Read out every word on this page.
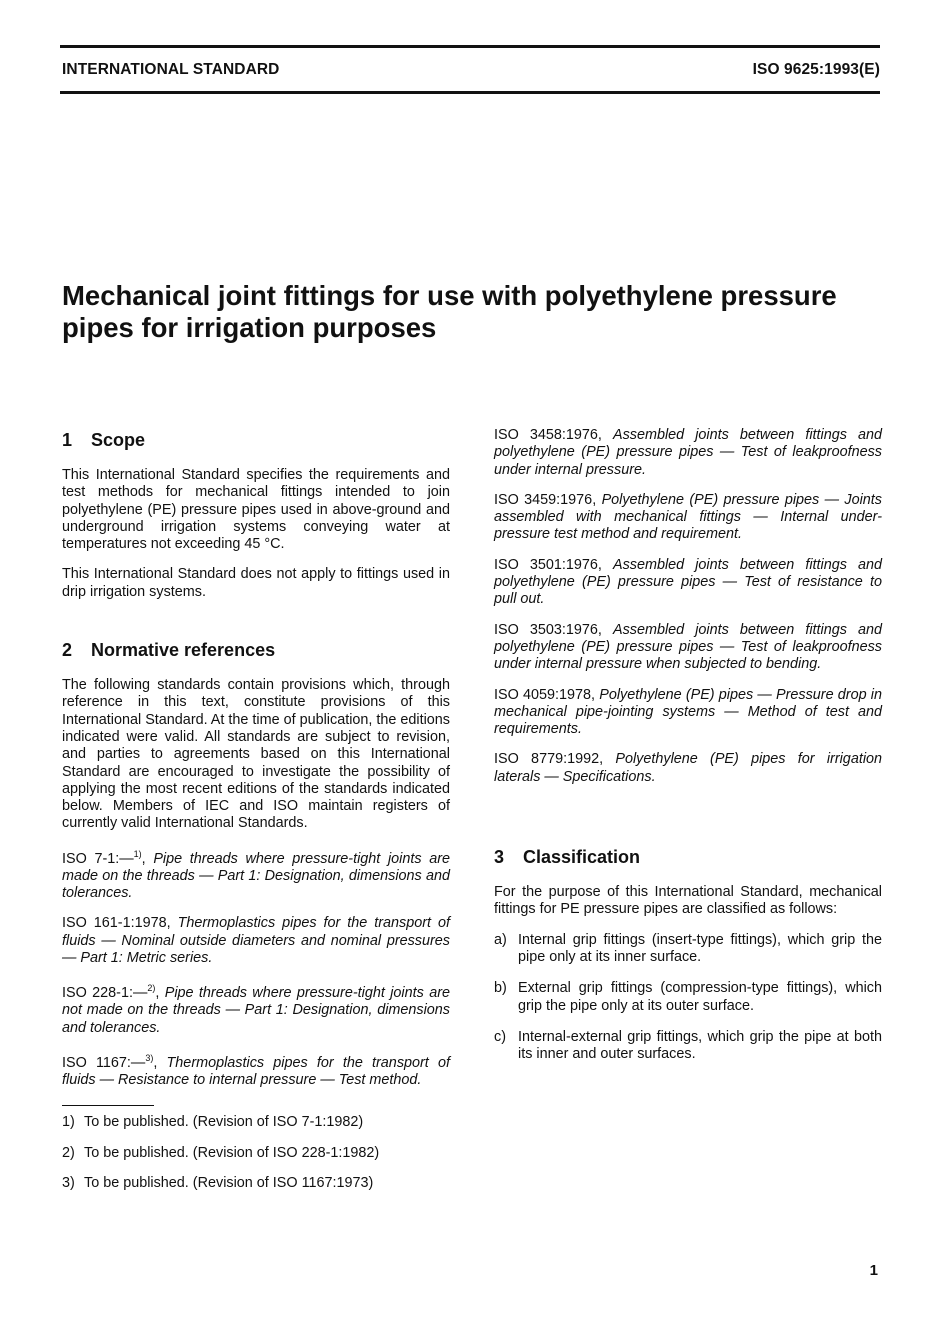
INTERNATIONAL STANDARD	ISO 9625:1993(E)
Mechanical joint fittings for use with polyethylene pressure pipes for irrigation purposes
1 Scope

This International Standard specifies the requirements and test methods for mechanical fittings intended to join polyethylene (PE) pressure pipes used in above-ground and underground irrigation systems conveying water at temperatures not exceeding 45 °C.

This International Standard does not apply to fittings used in drip irrigation systems.

2 Normative references

The following standards contain provisions which, through reference in this text, constitute provisions of this International Standard. At the time of publication, the editions indicated were valid. All standards are subject to revision, and parties to agreements based on this International Standard are encouraged to investigate the possibility of applying the most recent editions of the standards indicated below. Members of IEC and ISO maintain registers of currently valid International Standards.

ISO 7-1:—$^{1)}$, Pipe threads where pressure-tight joints are made on the threads — Part 1: Designation, dimensions and tolerances.

ISO 161-1:1978, Thermoplastics pipes for the transport of fluids — Nominal outside diameters and nominal pressures — Part 1: Metric series.

ISO 228-1:—$^{2)}$, Pipe threads where pressure-tight joints are not made on the threads — Part 1: Designation, dimensions and tolerances.

ISO 1167:—$^{3)}$, Thermoplastics pipes for the transport of fluids — Resistance to internal pressure — Test method.

1) To be published. (Revision of ISO 7-1:1982)

2) To be published. (Revision of ISO 228-1:1982)

3) To be published. (Revision of ISO 1167:1973)

ISO 3458:1976, Assembled joints between fittings and polyethylene (PE) pressure pipes — Test of leakproofness under internal pressure.

ISO 3459:1976, Polyethylene (PE) pressure pipes — Joints assembled with mechanical fittings — Internal under-pressure test method and requirement.

ISO 3501:1976, Assembled joints between fittings and polyethylene (PE) pressure pipes — Test of resistance to pull out.

ISO 3503:1976, Assembled joints between fittings and polyethylene (PE) pressure pipes — Test of leakproofness under internal pressure when subjected to bending.

ISO 4059:1978, Polyethylene (PE) pipes — Pressure drop in mechanical pipe-jointing systems — Method of test and requirements.

ISO 8779:1992, Polyethylene (PE) pipes for irrigation laterals — Specifications.

3 Classification

For the purpose of this International Standard, mechanical fittings for PE pressure pipes are classified as follows:

a) Internal grip fittings (insert-type fittings), which grip the pipe only at its inner surface.
b) External grip fittings (compression-type fittings), which grip the pipe only at its outer surface.
c) Internal-external grip fittings, which grip the pipe at both its inner and outer surfaces.
1
